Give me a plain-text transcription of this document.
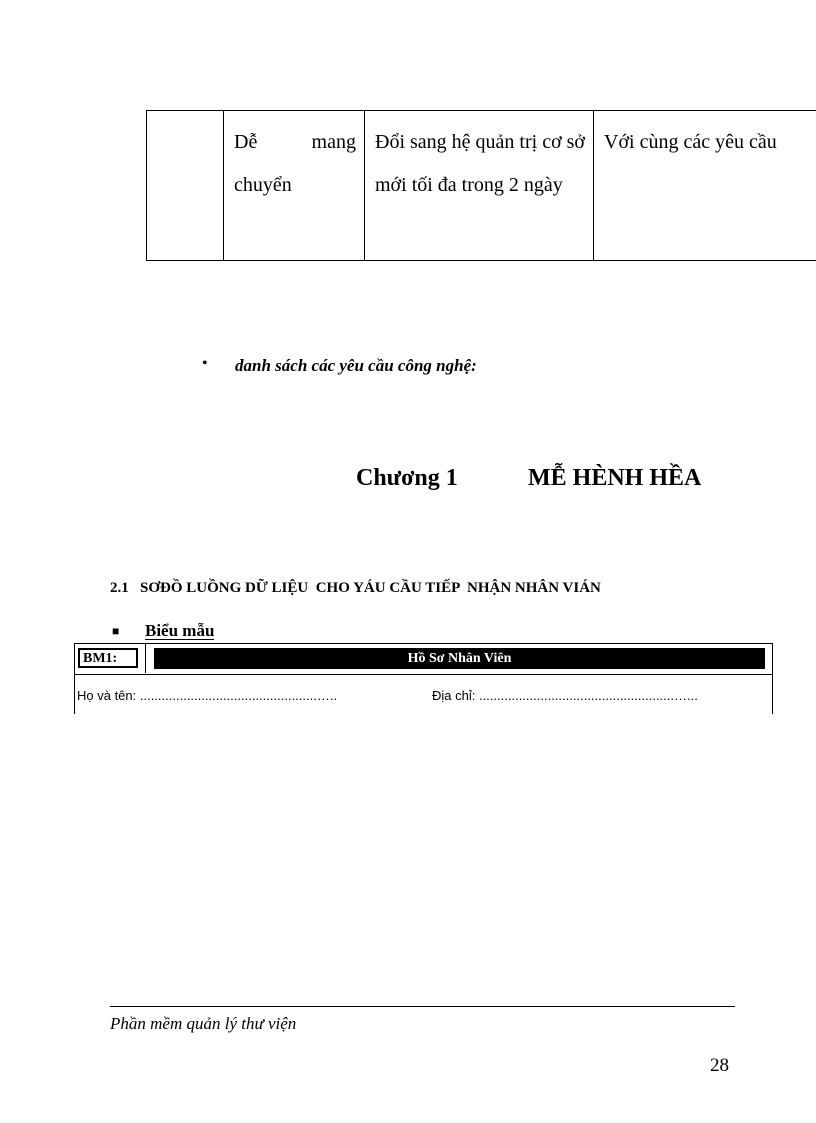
	Dễ mang chuyển	Đổi sang hệ quản trị cơ sở mới tối đa trong 2 ngày	Với cùng các yêu cầu
• danh sách các yêu cầu công nghệ:
Chương 1	MỄ HÈNH HỀA
2.1 SƠĐỒ LUỒNG DỮ LIỆU  CHO YÁU CẦU TIẾP  NHẬN NHÂN VIÁN
■ Biểu mẫu
BM1:	Hồ Sơ Nhân Viên
Họ và tên: .................................................…..	Địa chỉ: ......................................................…...
Phần mềm quản lý thư viện
28
